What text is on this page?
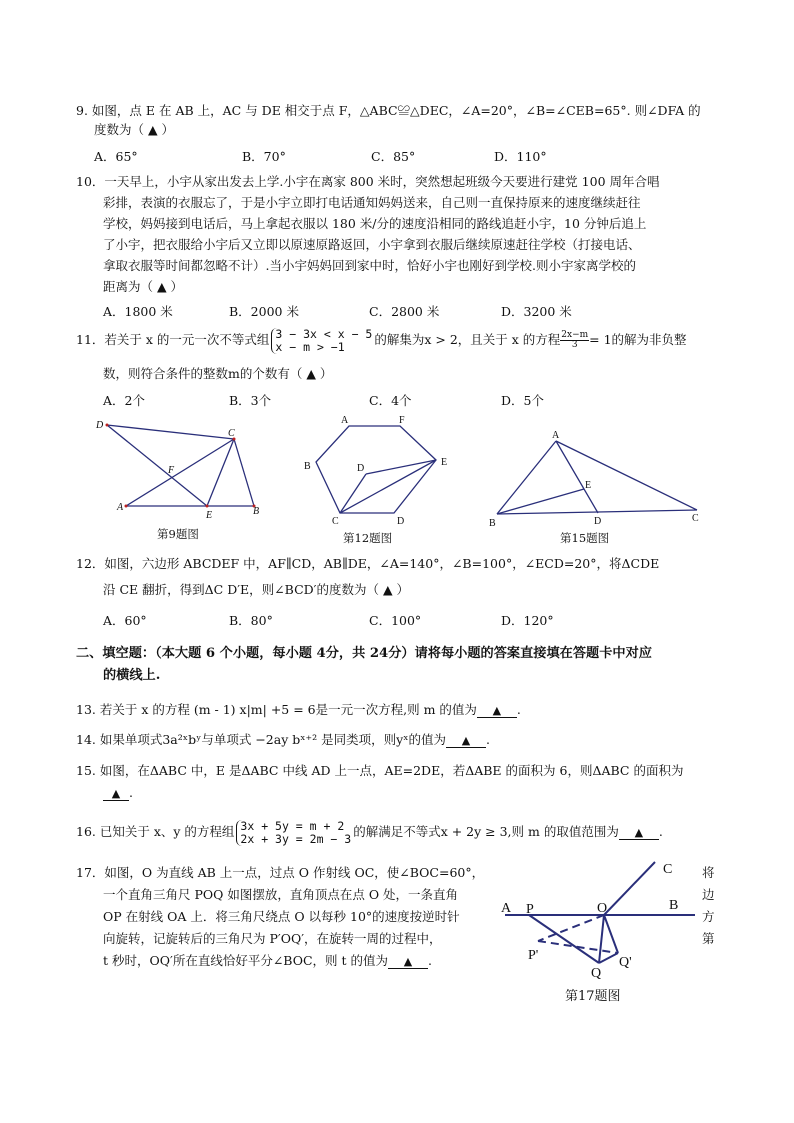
9. 如图，点 E 在 AB 上，AC 与 DE 相交于点 F，△ABC≌△DEC，∠A=20°，∠B=∠CEB=65°. 则∠DFA 的
度数为（ ▲ ）
A．65°	B．70°	C．85°	D．110°
10．一天早上，小宇从家出发去上学.小宇在离家 800 米时，突然想起班级今天要进行建党 100 周年合唱
彩排，表演的衣服忘了，于是小宇立即打电话通知妈妈送来，自己则一直保持原来的速度继续赶往
学校，妈妈接到电话后，马上拿起衣服以 180 米/分的速度沿相同的路线追赶小宇，10 分钟后追上
了小宇，把衣服给小宇后又立即以原速原路返回，小宇拿到衣服后继续原速赶往学校（打接电话、
拿取衣服等时间都忽略不计）.当小宇妈妈回到家中时，恰好小宇也刚好到学校.则小宇家离学校的
距离为（ ▲ ）
A．1800 米	B．2000 米	C．2800 米	D．3200 米
11．若关于 x 的一元一次不等式组 3 − 3x < x − 5
x − m > −1	的解集为x > 2，且关于 x 的方程 $\frac{2x-m}{3} = 1$的解为非负整
数，则符合条件的整数m的个数有（ ▲ ）
A．2个	B．3个	C．4个	D．5个
D
C
F
A
E	B
第9题图
A	F
B	D
E
C	D
第12题图
A
E
B	D	C
第15题图
12．如图，六边形 ABCDEF 中，AF∥CD，AB∥DE，∠A=140°，∠B=100°，∠ECD=20°，将ΔCDE
沿 CE 翻折，得到ΔC D′E，则∠BCD′的度数为（ ▲ ）
A．60°	B．80°	C．100°	D．120°
二、填空题：（本大题 6 个小题，每小题 4分，共 24分）请将每小题的答案直接填在答题卡中对应
的横线上.
13. 若关于 x 的方程 (m - 1) x|m| +5 = 6是一元一次方程,则 m 的值为 ▲ .
14. 如果单项式3a²ˣbʸ与单项式 −2ay bˣ⁺² 是同类项，则yˣ的值为 ▲ .
15. 如图，在ΔABC 中，E 是ΔABC 中线 AD 上一点，AE=2DE，若ΔABE 的面积为 6，则ΔABC 的面积为
▲ .
16. 已知关于 x、y 的方程组 3x + 5y = m + 2
2x + 3y = 2m − 3 的解满足不等式x + 2y ≥ 3,则 m 的取值范围为 ▲ .
17．如图，O 为直线 AB 上一点，过点 O 作射线 OC，使∠BOC=60°，
一个直角三角尺 POQ 如图摆放，直角顶点在点 O 处，一条直角
OP 在射线 OA 上．将三角尺绕点 O 以每秒 10°的速度按逆时针
向旋转，记旋转后的三角尺为 P′OQ′，在旋转一周的过程中，
t 秒时，OQ′所在直线恰好平分∠BOC，则 t 的值为 ▲ .
将
边
方
第
C
A P	O	B
P'
Q
Q'
第17题图
